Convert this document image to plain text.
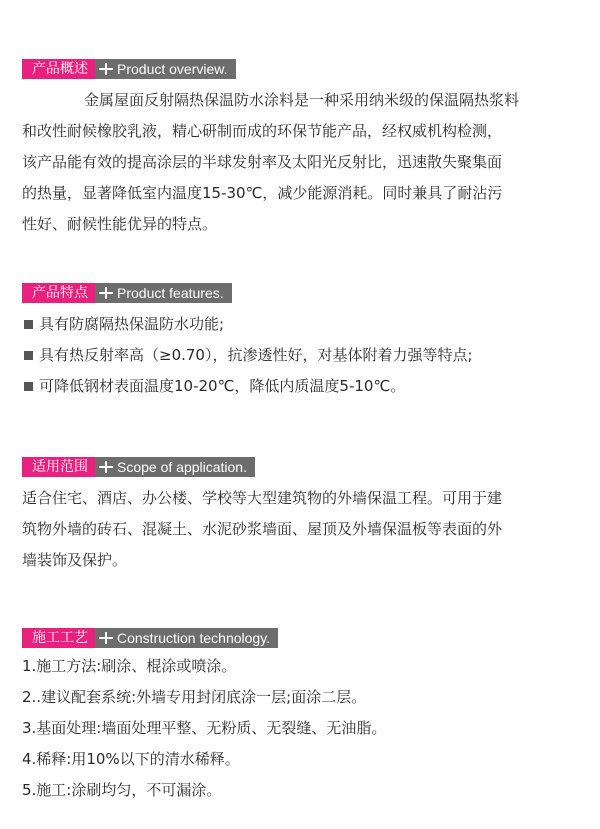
产品概述	Product overview.
金属屋面反射隔热保温防水涂料是一种采用纳米级的保温隔热浆料
和改性耐候橡胶乳液，精心研制而成的环保节能产品，经权威机构检测，
该产品能有效的提高涂层的半球发射率及太阳光反射比，迅速散失聚集面
的热量，显著降低室内温度15-30℃，减少能源消耗。同时兼具了耐沾污
性好、耐候性能优异的特点。
产品特点	Product features.
具有防腐隔热保温防水功能;
具有热反射率高（≥0.70），抗渗透性好，对基体附着力强等特点;
可降低钢材表面温度10-20℃，降低内质温度5-10℃。
适用范围	Scope of application.
适合住宅、酒店、办公楼、学校等大型建筑物的外墙保温工程。可用于建
筑物外墙的砖石、混凝土、水泥砂浆墙面、屋顶及外墙保温板等表面的外
墙装饰及保护。
施工工艺	Construction technology.
1.施工方法:刷涂、棍涂或喷涂。
2..建议配套系统:外墙专用封闭底涂一层;面涂二层。
3.基面处理:墙面处理平整、无粉质、无裂缝、无油脂。
4.稀释:用10%以下的清水稀释。
5.施工:涂刷均匀，不可漏涂。
